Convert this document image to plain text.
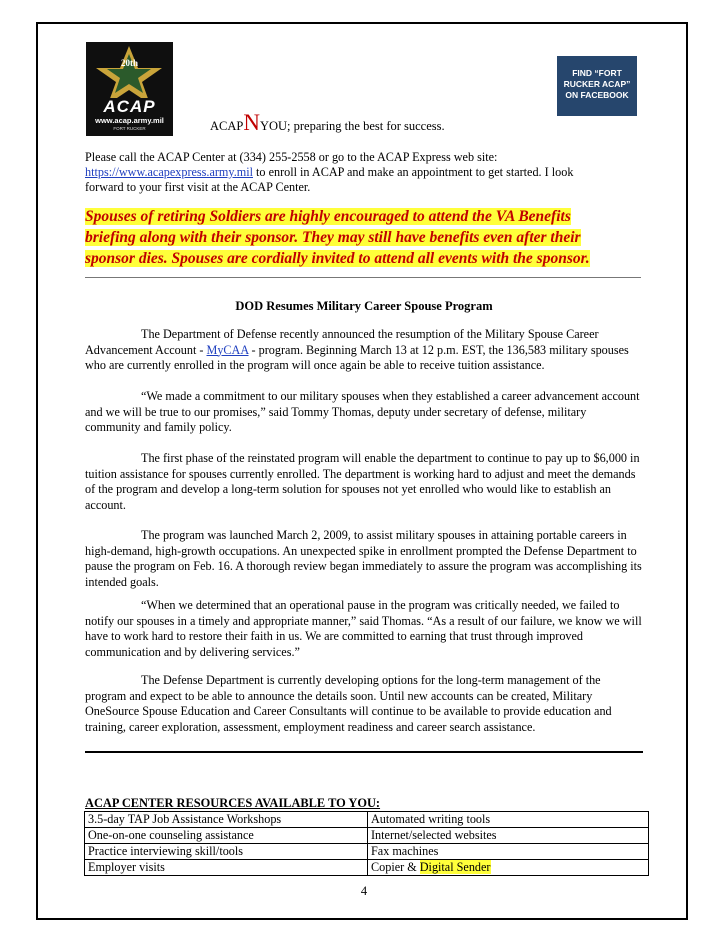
20th
ACAP
www.acap.army.mil
FORT RUCKER
FIND “FORT
RUCKER ACAP”
ON FACEBOOK
ACAPNYOU; preparing the best for success.
Please call the ACAP Center at (334) 255-2558 or go to the ACAP Express web site:
https://www.acapexpress.army.mil to enroll in ACAP and make an appointment to get started. I look
forward to your first visit at the ACAP Center.
Spouses of retiring Soldiers are highly encouraged to attend the VA Benefits
briefing along with their sponsor. They may still have benefits even after their
sponsor dies. Spouses are cordially invited to attend all events with the sponsor.
DOD Resumes Military Career Spouse Program

The Department of Defense recently announced the resumption of the Military Spouse Career Advancement Account - MyCAA - program. Beginning March 13 at 12 p.m. EST, the 136,583 military spouses who are currently enrolled in the program will once again be able to receive tuition assistance.

“We made a commitment to our military spouses when they established a career advancement account and we will be true to our promises,” said Tommy Thomas, deputy under secretary of defense, military community and family policy.

The first phase of the reinstated program will enable the department to continue to pay up to $6,000 in tuition assistance for spouses currently enrolled. The department is working hard to adjust and meet the demands of the program and develop a long-term solution for spouses not yet enrolled who would like to establish an account.

The program was launched March 2, 2009, to assist military spouses in attaining portable careers in high-demand, high-growth occupations. An unexpected spike in enrollment prompted the Defense Department to pause the program on Feb. 16. A thorough review began immediately to assure the program was accomplishing its intended goals.

“When we determined that an operational pause in the program was critically needed, we failed to notify our spouses in a timely and appropriate manner,” said Thomas. “As a result of our failure, we know we will have to work hard to restore their faith in us. We are committed to earning that trust through improved communication and by delivering services.”

The Defense Department is currently developing options for the long-term management of the program and expect to be able to announce the details soon. Until new accounts can be created, Military OneSource Spouse Education and Career Consultants will continue to be available to provide education and training, career exploration, assessment, employment readiness and career search assistance.

ACAP CENTER RESOURCES AVAILABLE TO YOU:
3.5-day TAP Job Assistance Workshops	Automated writing tools
One-on-one counseling assistance	Internet/selected websites
Practice interviewing skill/tools	Fax machines
Employer visits	Copier & Digital Sender
4
